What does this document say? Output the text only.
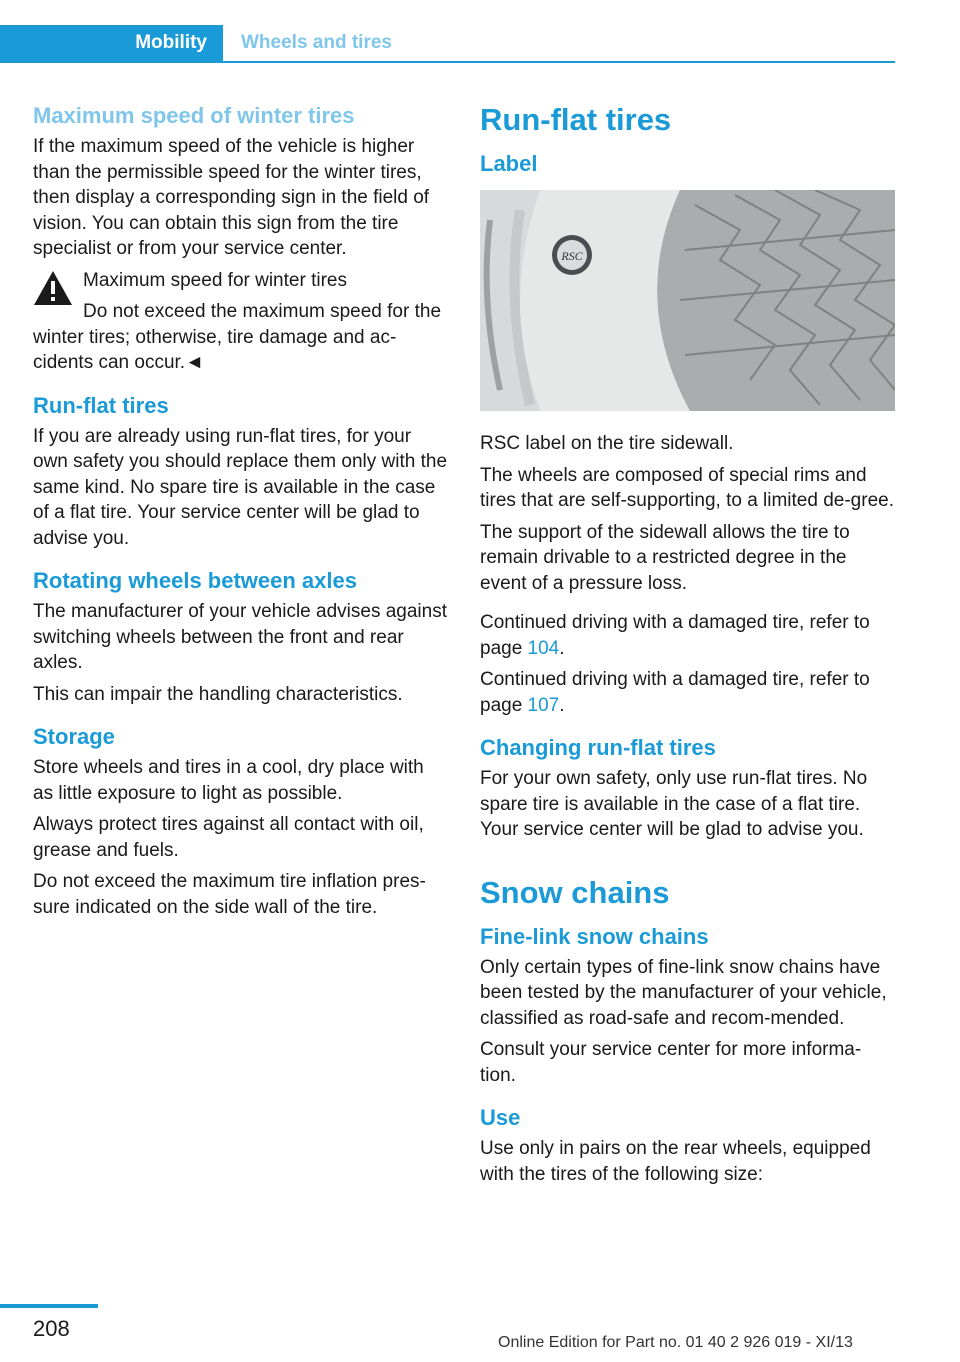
Mobility	Wheels and tires
Maximum speed of winter tires

If the maximum speed of the vehicle is higher than the permissible speed for the winter tires, then display a corresponding sign in the field of vision. You can obtain this sign from the tire specialist or from your service center.

Maximum speed for winter tires

Do not exceed the maximum speed for the winter tires; otherwise, tire damage and ac-cidents can occur.◄

Run-flat tires

If you are already using run-flat tires, for your own safety you should replace them only with the same kind. No spare tire is available in the case of a flat tire. Your service center will be glad to advise you.

Rotating wheels between axles

The manufacturer of your vehicle advises against switching wheels between the front and rear axles.

This can impair the handling characteristics.

Storage

Store wheels and tires in a cool, dry place with as little exposure to light as possible.

Always protect tires against all contact with oil, grease and fuels.

Do not exceed the maximum tire inflation pres-sure indicated on the side wall of the tire.

Run-flat tires
Label
RSC

RSC label on the tire sidewall.

The wheels are composed of special rims and tires that are self-supporting, to a limited de-gree.

The support of the sidewall allows the tire to remain drivable to a restricted degree in the event of a pressure loss.

Continued driving with a damaged tire, refer to page 104.

Continued driving with a damaged tire, refer to page 107.

Changing run-flat tires

For your own safety, only use run-flat tires. No spare tire is available in the case of a flat tire. Your service center will be glad to advise you.

Snow chains
Fine-link snow chains

Only certain types of fine-link snow chains have been tested by the manufacturer of your vehicle, classified as road-safe and recom-mended.

Consult your service center for more informa-tion.

Use

Use only in pairs on the rear wheels, equipped with the tires of the following size:

208
Online Edition for Part no. 01 40 2 926 019 - XI/13
